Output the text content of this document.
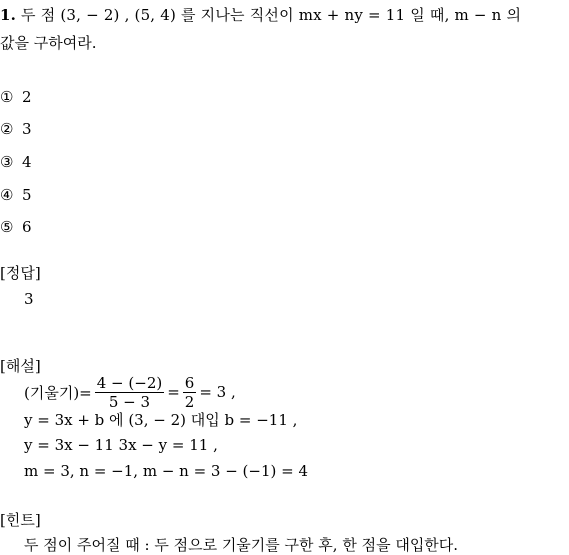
1. 두 점 (3, − 2) , (5, 4) 를 지나는 직선이 mx + ny = 11 일 때, m − n 의
값을 구하여라.
① 2
② 3
③ 4
④ 5
⑤ 6
[정답]
3
[해설]
(기울기)= $\frac{4 - (-2)}{5 - 3} = \frac{6}{2} = 3$ ,
y = 3x + b 에 (3, − 2) 대입 b = −11 ,
y = 3x − 11 3x − y = 11 ,
m = 3, n = −1, m − n = 3 − (−1) = 4
[힌트]
두 점이 주어질 때 : 두 점으로 기울기를 구한 후, 한 점을 대입한다.
